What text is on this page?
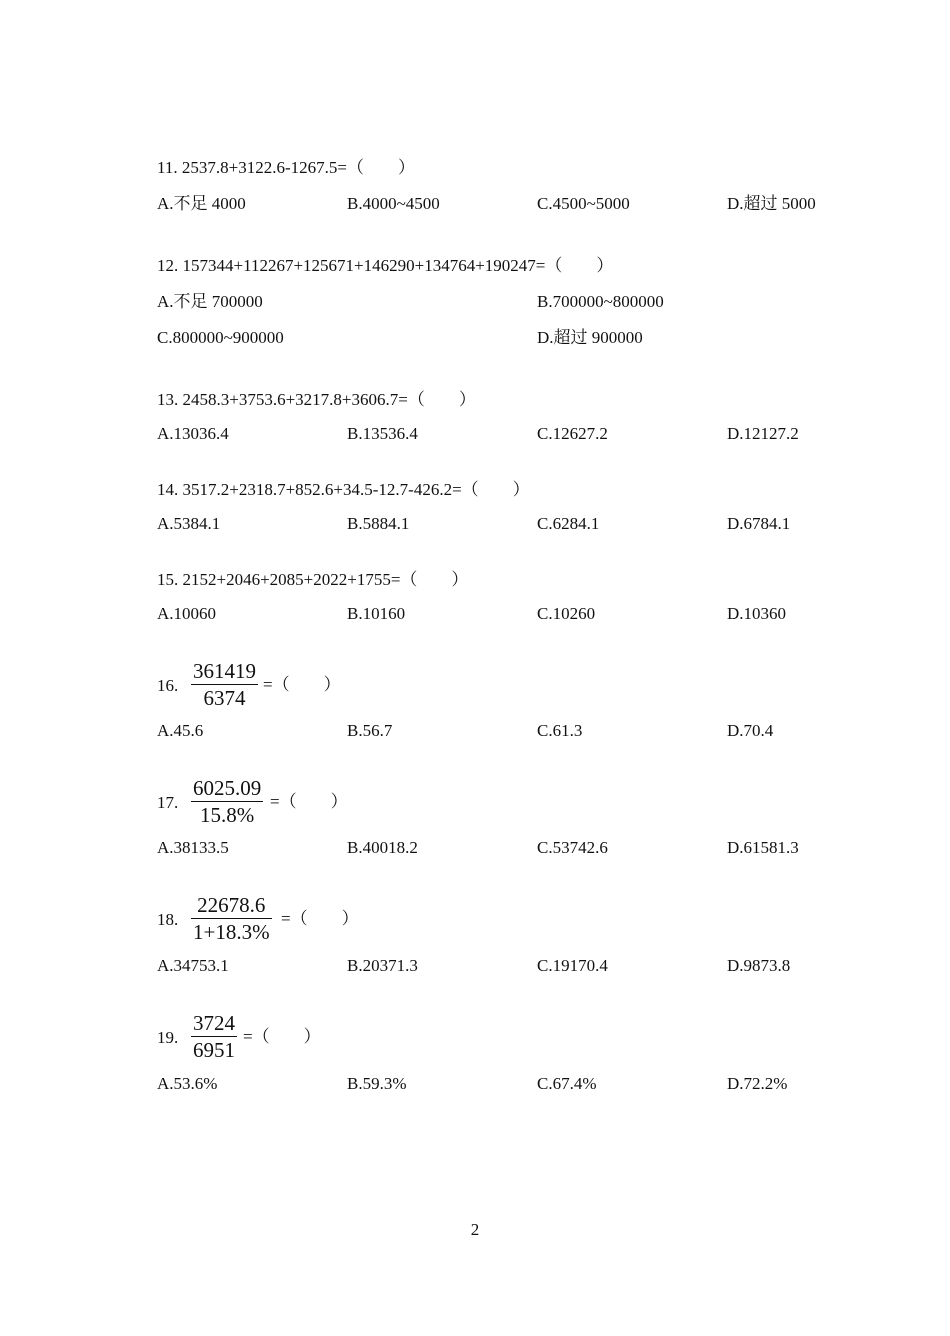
11. 2537.8+3122.6-1267.5=（　　）
A.不足 4000	B.4000~4500	C.4500~5000	D.超过 5000
12. 157344+112267+125671+146290+134764+190247=（　　）
A.不足 700000	B.700000~800000
C.800000~900000	D.超过 900000
13. 2458.3+3753.6+3217.8+3606.7=（　　）
A.13036.4	B.13536.4	C.12627.2	D.12127.2
14. 3517.2+2318.7+852.6+34.5-12.7-426.2=（　　）
A.5384.1	B.5884.1	C.6284.1	D.6784.1
15. 2152+2046+2085+2022+1755=（　　）
A.10060	B.10160	C.10260	D.10360
16.
361419
6374
=（　　）
A.45.6	B.56.7	C.61.3	D.70.4
17.
6025.09
15.8%
=（　　）
A.38133.5	B.40018.2	C.53742.6	D.61581.3
18.
22678.6
1+18.3%
=（　　）
A.34753.1	B.20371.3	C.19170.4	D.9873.8
19.
3724
6951
=（　　）
A.53.6%	B.59.3%	C.67.4%	D.72.2%
2
